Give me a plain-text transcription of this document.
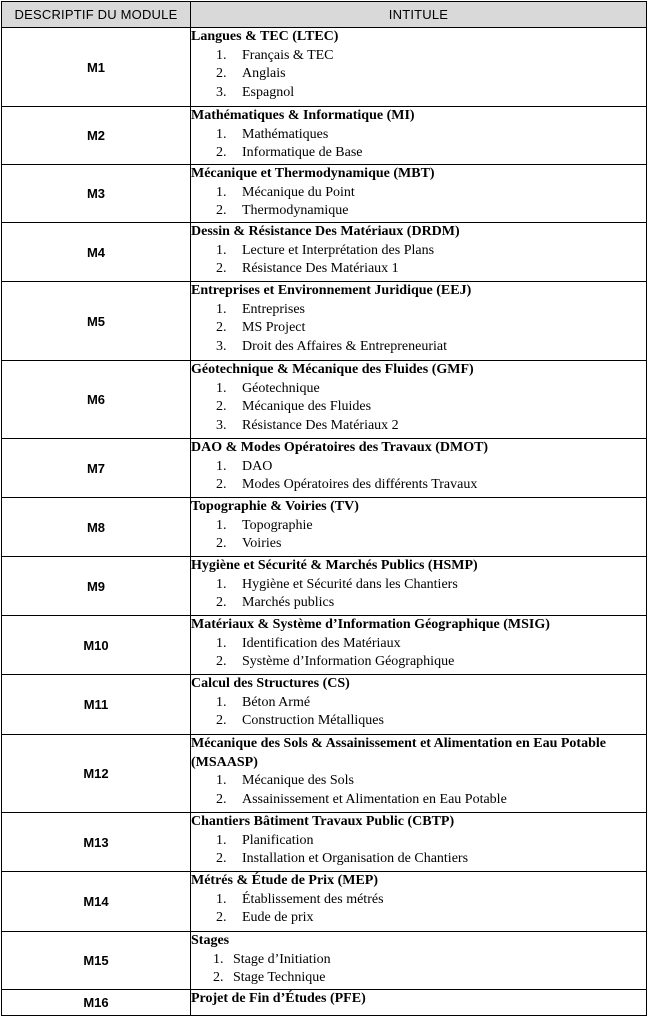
DESCRIPTIF DU MODULE	INTITULE
M1	Langues & TEC (LTEC)
1. Français & TEC
2. Anglais
3. Espagnol

M2	Mathématiques & Informatique (MI)
1. Mathématiques
2. Informatique de Base

M3	Mécanique et Thermodynamique (MBT)
1. Mécanique du Point
2. Thermodynamique

M4	Dessin & Résistance Des Matériaux (DRDM)
1. Lecture et Interprétation des Plans
2. Résistance Des Matériaux 1

M5	Entreprises et Environnement Juridique (EEJ)
1. Entreprises
2. MS Project
3. Droit des Affaires & Entrepreneuriat

M6	Géotechnique & Mécanique des Fluides (GMF)
1. Géotechnique
2. Mécanique des Fluides
3. Résistance Des Matériaux 2

M7	DAO & Modes Opératoires des Travaux (DMOT)
1. DAO
2. Modes Opératoires des différents Travaux

M8	Topographie & Voiries (TV)
1. Topographie
2. Voiries

M9	Hygiène et Sécurité & Marchés Publics (HSMP)
1. Hygiène et Sécurité dans les Chantiers
2. Marchés publics

M10	Matériaux & Système d’Information Géographique (MSIG)
1. Identification des Matériaux
2. Système d’Information Géographique

M11	Calcul des Structures (CS)
1. Béton Armé
2. Construction Métalliques

M12	Mécanique des Sols & Assainissement et Alimentation en Eau Potable (MSAASP)
1. Mécanique des Sols
2. Assainissement et Alimentation en Eau Potable

M13	Chantiers Bâtiment Travaux Public (CBTP)
1. Planification
2. Installation et Organisation de Chantiers

M14	Métrés & Étude de Prix (MEP)
1. Établissement des métrés
2. Eude de prix

M15	Stages
1. Stage d’Initiation
2. Stage Technique

M16	Projet de Fin d’Études (PFE)
